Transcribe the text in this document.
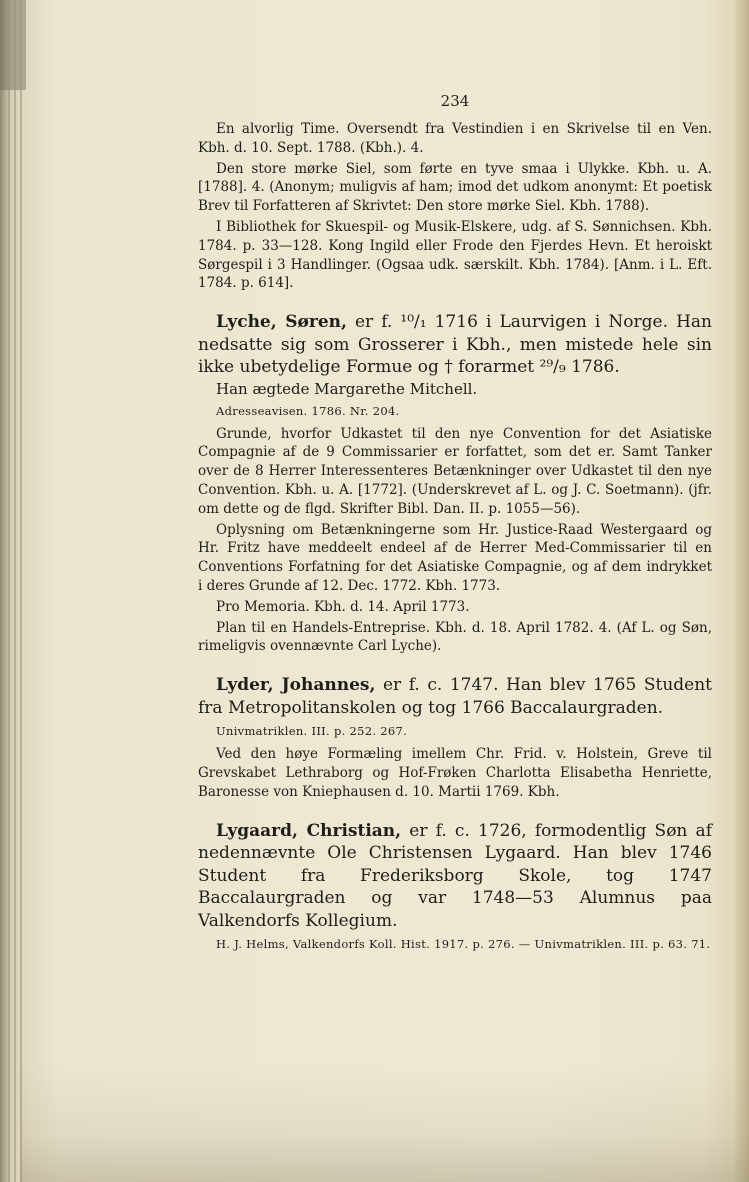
234

En alvorlig Time. Oversendt fra Vestindien i en Skrivelse til en Ven. Kbh. d. 10. Sept. 1788. (Kbh.). 4.

Den store mørke Siel, som førte en tyve smaa i Ulykke. Kbh. u. A. [1788]. 4. (Anonym; muligvis af ham; imod det udkom anonymt: Et poetisk Brev til Forfatteren af Skrivtet: Den store mørke Siel. Kbh. 1788).

I Bibliothek for Skuespil- og Musik-Elskere, udg. af S. Sønnichsen. Kbh. 1784. p. 33—128. Kong Ingild eller Frode den Fjerdes Hevn. Et heroiskt Sørgespil i 3 Handlinger. (Ogsaa udk. særskilt. Kbh. 1784). [Anm. i L. Eft. 1784. p. 614].

Lyche, Søren, er f. ¹⁰/₁ 1716 i Laurvigen i Norge. Han nedsatte sig som Grosserer i Kbh., men mistede hele sin ikke ubetydelige Formue og † forarmet ²⁹/₉ 1786.

Han ægtede Margarethe Mitchell.

Adresseavisen. 1786. Nr. 204.

Grunde, hvorfor Udkastet til den nye Convention for det Asiatiske Compagnie af de 9 Commissarier er forfattet, som det er. Samt Tanker over de 8 Herrer Interessenteres Betænkninger over Udkastet til den nye Convention. Kbh. u. A. [1772]. (Underskrevet af L. og J. C. Soetmann). (jfr. om dette og de flgd. Skrifter Bibl. Dan. II. p. 1055—56).

Oplysning om Betænkningerne som Hr. Justice-Raad Westergaard og Hr. Fritz have meddeelt endeel af de Herrer Med-Commissarier til en Conventions Forfatning for det Asiatiske Compagnie, og af dem indrykket i deres Grunde af 12. Dec. 1772. Kbh. 1773.

Pro Memoria. Kbh. d. 14. April 1773.

Plan til en Handels-Entreprise. Kbh. d. 18. April 1782. 4. (Af L. og Søn, rimeligvis ovennævnte Carl Lyche).

Lyder, Johannes, er f. c. 1747. Han blev 1765 Student fra Metropolitanskolen og tog 1766 Baccalaurgraden.

Univmatriklen. III. p. 252. 267.

Ved den høye Formæling imellem Chr. Frid. v. Holstein, Greve til Grevskabet Lethraborg og Hof-Frøken Charlotta Elisabetha Henriette, Baronesse von Kniephausen d. 10. Martii 1769. Kbh.

Lygaard, Christian, er f. c. 1726, formodentlig Søn af nedennævnte Ole Christensen Lygaard. Han blev 1746 Student fra Frederiksborg Skole, tog 1747 Baccalaurgraden og var 1748—53 Alumnus paa Valkendorfs Kollegium.

H. J. Helms, Valkendorfs Koll. Hist. 1917. p. 276. — Univmatriklen. III. p. 63. 71.
